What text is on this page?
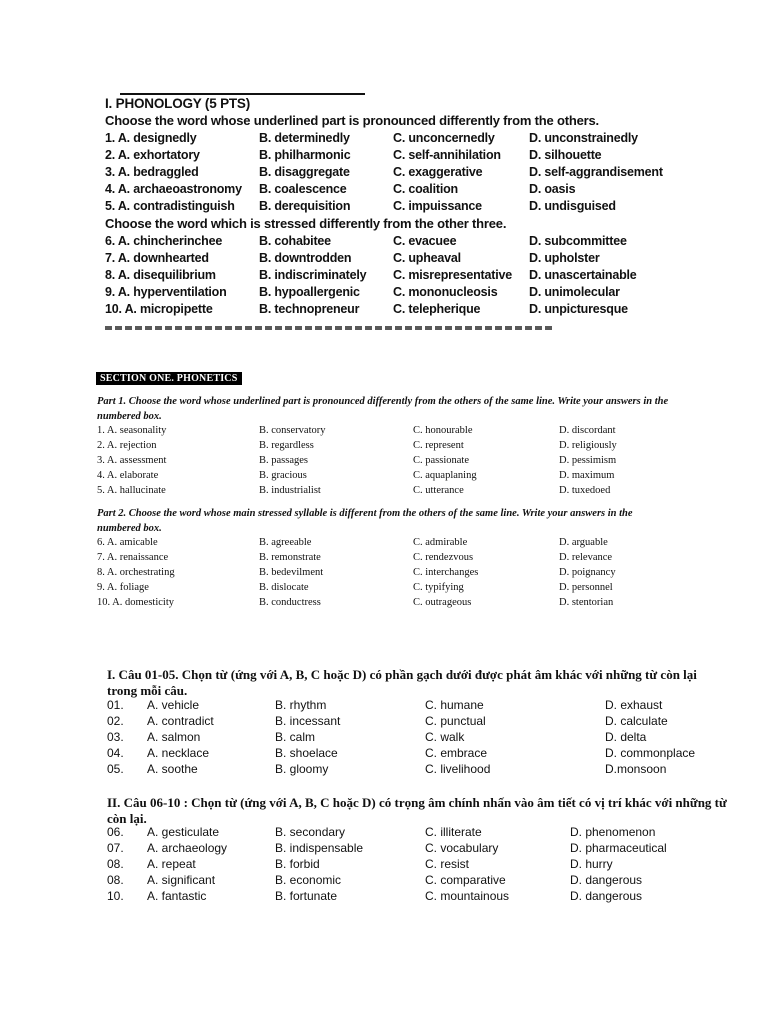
I. PHONOLOGY (5 PTS)
Choose the word whose underlined part is pronounced differently from the others.
1. A. designedly	B. determinedly	C. unconcernedly	D. unconstrainedly
2. A. exhortatory	B. philharmonic	C. self-annihilation D. silhouette
3. A. bedraggled	B. disaggregate	C. exaggerative	D. self-aggrandisement
4. A. archaeoastronomy B. coalescence	C. coalition	D. oasis
5. A. contradistinguish B. derequisition	C. impuissance	D. undisguised
Choose the word which is stressed differently from the other three.
6. A. chincherinchee	B. cohabitee	C. evacuee	D. subcommittee
7. A. downhearted	B. downtrodden	C. upheaval	D. upholster
8. A. disequilibrium	B. indiscriminately C. misrepresentative D. unascertainable
9. A. hyperventilation	B. hypoallergenic	C. mononucleosis	D. unimolecular
10. A. micropipette	B. technopreneur	C. telepherique	D. unpicturesque
SECTION ONE. PHONETICS
Part 1. Choose the word whose underlined part is pronounced differently from the others of the same line. Write your answers in the numbered box.
1. A. seasonality	B. conservatory	C. honourable	D. discordant
2. A. rejection	B. regardless	C. represent	D. religiously
3. A. assessment	B. passages	C. passionate	D. pessimism
4. A. elaborate	B. gracious	C. aquaplaning	D. maximum
5. A. hallucinate	B. industrialist	C. utterance	D. tuxedoed
Part 2. Choose the word whose main stressed syllable is different from the others of the same line. Write your answers in the numbered box.
6. A. amicable	B. agreeable	C. admirable	D. arguable
7. A. renaissance	B. remonstrate	C. rendezvous	D. relevance
8. A. orchestrating	B. bedevilment	C. interchanges	D. poignancy
9. A. foliage	B. dislocate	C. typifying	D. personnel
10. A. domesticity	B. conductress	C. outrageous	D. stentorian
I. Câu 01-05. Chọn từ (ứng với A, B, C hoặc D) có phần gạch dưới được phát âm khác với những từ còn lại trong mỗi câu.
01. A. vehicle	B. rhythm	C. humane	D. exhaust
02. A. contradict	B. incessant	C. punctual	D. calculate
03. A. salmon	B. calm	C. walk	D. delta
04. A. necklace	B. shoelace	C. embrace	D. commonplace
05. A. soothe	B. gloomy	C. livelihood	D.monsoon
II. Câu 06-10 : Chọn từ (ứng với A, B, C hoặc D) có trọng âm chính nhấn vào âm tiết có vị trí khác với những từ còn lại.
06. A. gesticulate	B. secondary	C. illiterate	D. phenomenon
07. A. archaeology	B. indispensable	C. vocabulary	D. pharmaceutical
08. A. repeat	B. forbid	C. resist	D. hurry
08. A. significant	B. economic	C. comparative	D. dangerous
10. A. fantastic	B. fortunate	C. mountainous	D. dangerous
